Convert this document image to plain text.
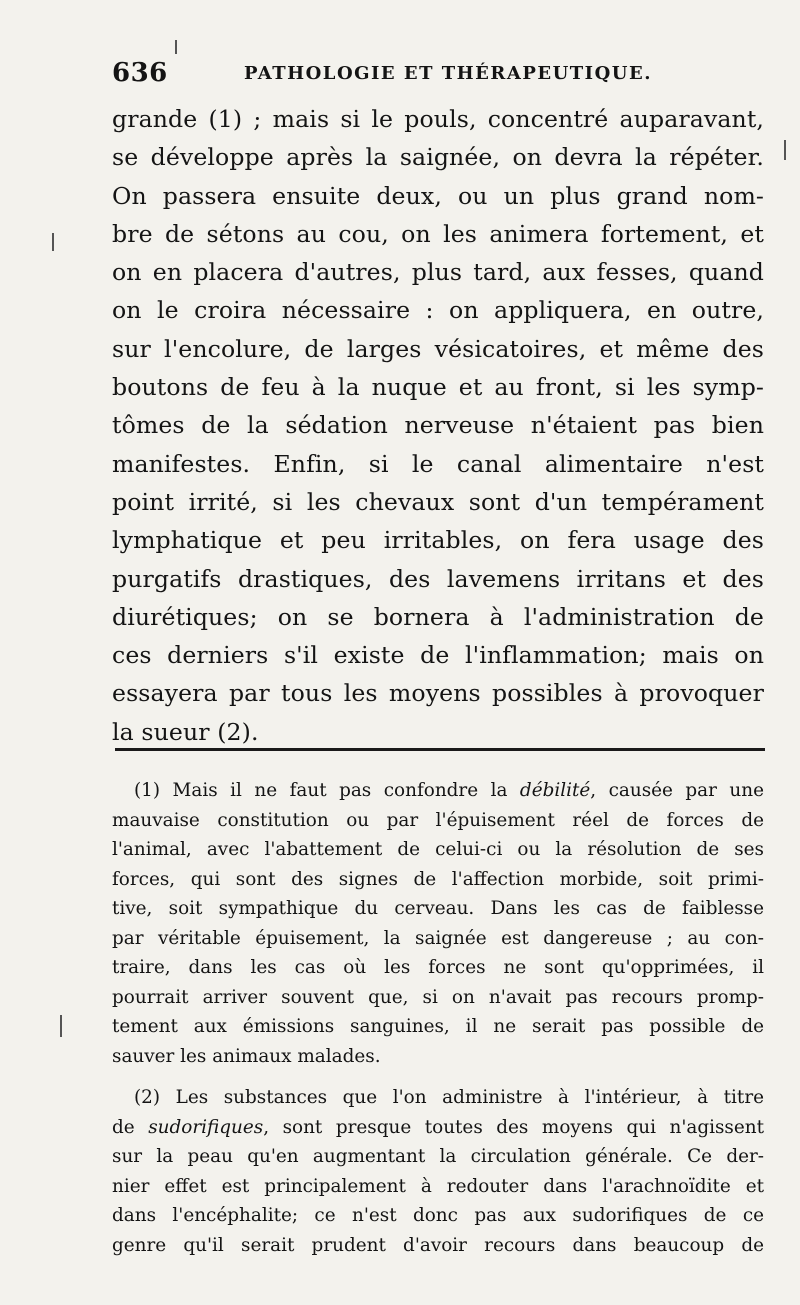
636	PATHOLOGIE ET THÉRAPEUTIQUE.
grande (1) ; mais si le pouls, concentré auparavant,
se développe après la saignée, on devra la répéter.
On passera ensuite deux, ou un plus grand nom-
bre de sétons au cou, on les animera fortement, et
on en placera d'autres, plus tard, aux fesses, quand
on le croira nécessaire : on appliquera, en outre,
sur l'encolure, de larges vésicatoires, et même des
boutons de feu à la nuque et au front, si les symp-
tômes de la sédation nerveuse n'étaient pas bien
manifestes. Enfin, si le canal alimentaire n'est
point irrité, si les chevaux sont d'un tempérament
lymphatique et peu irritables, on fera usage des
purgatifs drastiques, des lavemens irritans et des
diurétiques; on se bornera à l'administration de
ces derniers s'il existe de l'inflammation; mais on
essayera par tous les moyens possibles à provoquer
la sueur (2).
(1) Mais il ne faut pas confondre la débilité, causée par une
mauvaise constitution ou par l'épuisement réel de forces de
l'animal, avec l'abattement de celui-ci ou la résolution de ses
forces, qui sont des signes de l'affection morbide, soit primi-
tive, soit sympathique du cerveau. Dans les cas de faiblesse
par véritable épuisement, la saignée est dangereuse ; au con-
traire, dans les cas où les forces ne sont qu'opprimées, il
pourrait arriver souvent que, si on n'avait pas recours promp-
tement aux émissions sanguines, il ne serait pas possible de
sauver les animaux malades.
(2) Les substances que l'on administre à l'intérieur, à titre
de sudorifiques, sont presque toutes des moyens qui n'agissent
sur la peau qu'en augmentant la circulation générale. Ce der-
nier effet est principalement à redouter dans l'arachnoïdite et
dans l'encéphalite; ce n'est donc pas aux sudorifiques de ce
genre qu'il serait prudent d'avoir recours dans beaucoup de
